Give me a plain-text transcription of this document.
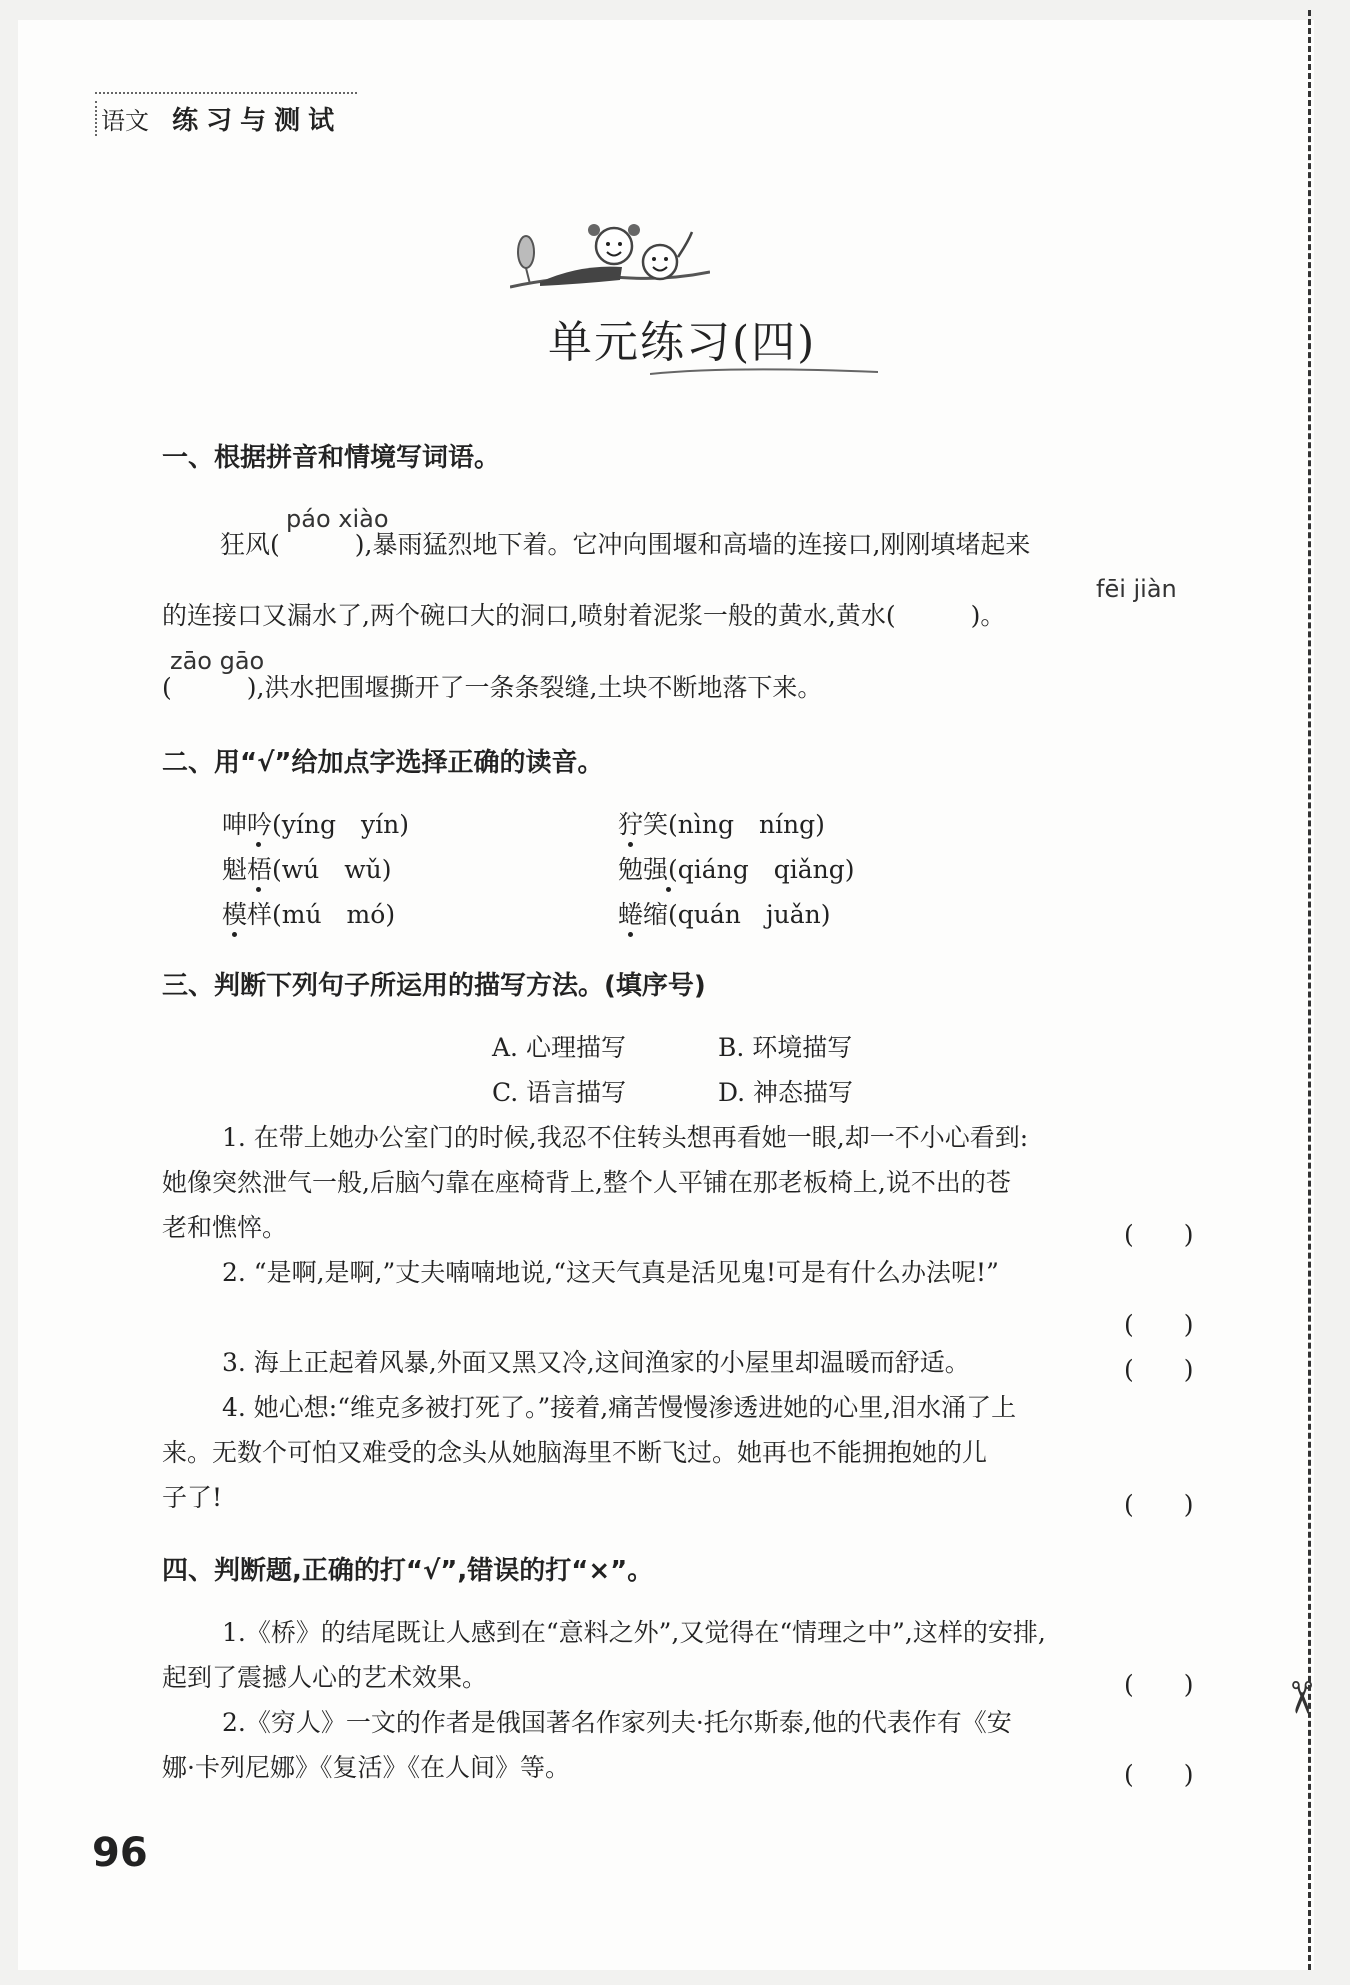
✂
语文 练习与测试
单元练习(四)
一、根据拼音和情境写词语。
páo xiào
狂风(　　　),暴雨猛烈地下着。它冲向围堰和高墙的连接口,刚刚填堵起来
fēi jiàn
的连接口又漏水了,两个碗口大的洞口,喷射着泥浆一般的黄水,黄水(　　　)。
zāo gāo
(　　　),洪水把围堰撕开了一条条裂缝,土块不断地落下来。
二、用“√”给加点字选择正确的读音。
呻吟(yíng　yín)	狞笑(nìng　níng)
魁梧(wú　wǔ)	勉强(qiáng　qiǎng)
模样(mú　mó)	蜷缩(quán　juǎn)
三、判断下列句子所运用的描写方法。(填序号)
A. 心理描写	B. 环境描写
C. 语言描写	D. 神态描写
1. 在带上她办公室门的时候,我忍不住转头想再看她一眼,却一不小心看到:
她像突然泄气一般,后脑勺靠在座椅背上,整个人平铺在那老板椅上,说不出的苍
老和憔悴。	(　　)
2. “是啊,是啊,”丈夫喃喃地说,“这天气真是活见鬼!可是有什么办法呢!”
(　　)
3. 海上正起着风暴,外面又黑又冷,这间渔家的小屋里却温暖而舒适。	(　　)
4. 她心想:“维克多被打死了。”接着,痛苦慢慢渗透进她的心里,泪水涌了上
来。无数个可怕又难受的念头从她脑海里不断飞过。她再也不能拥抱她的儿
子了!	(　　)
四、判断题,正确的打“√”,错误的打“×”。
1.《桥》的结尾既让人感到在“意料之外”,又觉得在“情理之中”,这样的安排,
起到了震撼人心的艺术效果。	(　　)
2.《穷人》一文的作者是俄国著名作家列夫·托尔斯泰,他的代表作有《安
娜·卡列尼娜》《复活》《在人间》等。	(　　)
96
